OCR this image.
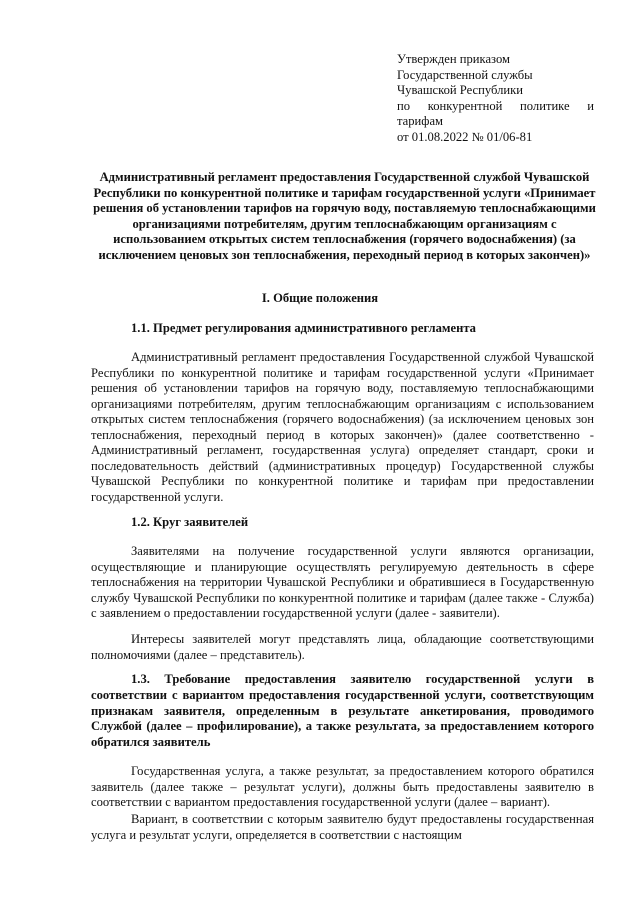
Утвержден приказом
Государственной службы
Чувашской Республики
по конкурентной политике и
тарифам
от 01.08.2022 № 01/06-81
Административный регламент предоставления Государственной службой Чувашской Республики по конкурентной политике и тарифам государственной услуги «Принимает решения об установлении тарифов на горячую воду, поставляемую теплоснабжающими организациями потребителям, другим теплоснабжающим организациям с использованием открытых систем теплоснабжения (горячего водоснабжения) (за исключением ценовых зон теплоснабжения, переходный период в которых закончен)»
I. Общие положения
1.1. Предмет регулирования административного регламента
Административный регламент предоставления Государственной службой Чувашской Республики по конкурентной политике и тарифам государственной услуги «Принимает решения об установлении тарифов на горячую воду, поставляемую теплоснабжающими организациями потребителям, другим теплоснабжающим организациям с использованием открытых систем теплоснабжения (горячего водоснабжения) (за исключением ценовых зон теплоснабжения, переходный период в которых закончен)» (далее соответственно - Административный регламент, государственная услуга) определяет стандарт, сроки и последовательность действий (административных процедур) Государственной службы Чувашской Республики по конкурентной политике и тарифам при предоставлении государственной услуги.
1.2. Круг заявителей
Заявителями на получение государственной услуги являются организации, осуществляющие и планирующие осуществлять регулируемую деятельность в сфере теплоснабжения на территории Чувашской Республики и обратившиеся в Государственную службу Чувашской Республики по конкурентной политике и тарифам (далее также - Служба) с заявлением о предоставлении государственной услуги (далее - заявители).
Интересы заявителей могут представлять лица, обладающие соответствующими полномочиями (далее – представитель).
1.3. Требование предоставления заявителю государственной услуги в соответствии с вариантом предоставления государственной услуги, соответствующим признакам заявителя, определенным в результате анкетирования, проводимого Службой (далее – профилирование), а также результата, за предоставлением которого обратился заявитель
Государственная услуга, а также результат, за предоставлением которого обратился заявитель (далее также – результат услуги), должны быть предоставлены заявителю в соответствии с вариантом предоставления государственной услуги (далее – вариант).
Вариант, в соответствии с которым заявителю будут предоставлены государственная услуга и результат услуги, определяется в соответствии с настоящим
